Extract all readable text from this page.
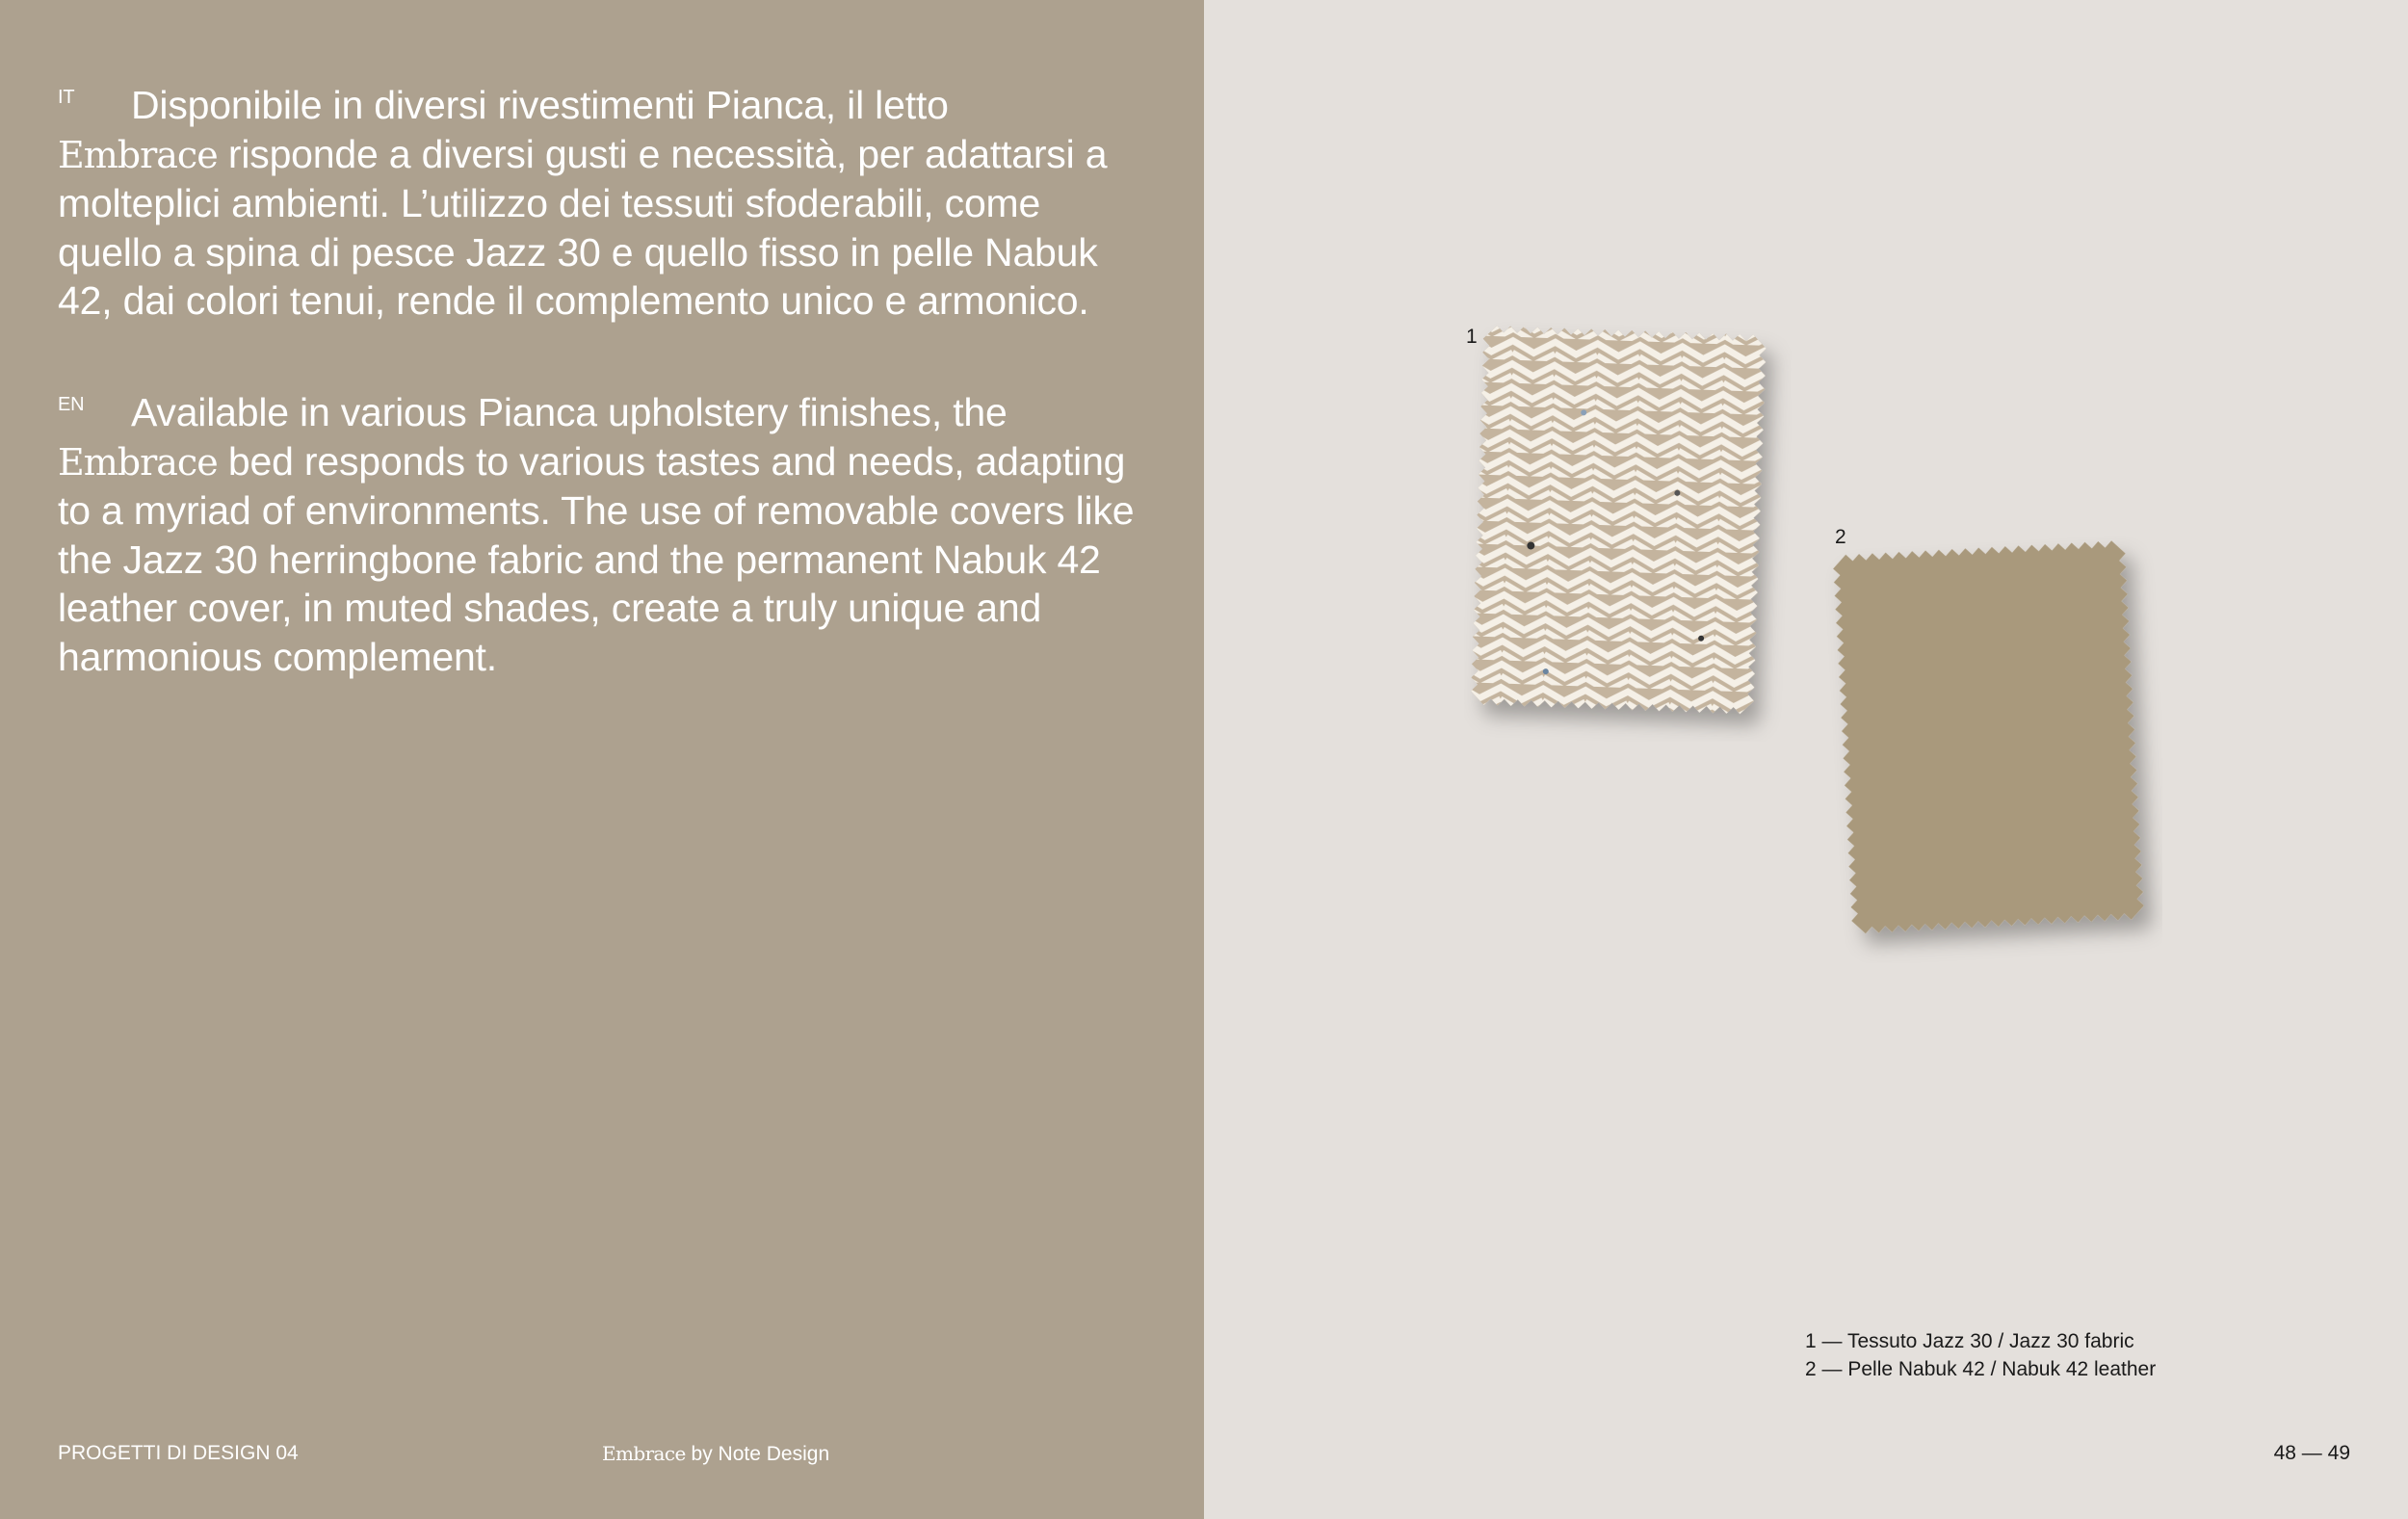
IT Disponibile in diversi rivestimenti Pianca, il letto
Embrace risponde a diversi gusti e necessità, per adattarsi a molteplici ambienti. L’utilizzo dei tessuti sfoderabili, come quello a spina di pesce Jazz 30 e quello fisso in pelle Nabuk 42, dai colori tenui, rende il complemento unico e armonico.
EN Available in various Pianca upholstery finishes, the Embrace bed responds to various tastes and needs, adapting to a myriad of environments. The use of removable covers like the Jazz 30 herringbone fabric and the permanent Nabuk 42 leather cover, in muted shades, create a truly unique and harmonious complement.
PROGETTI DI DESIGN 04	Embrace by Note Design
1
2
1 — Tessuto Jazz 30 / Jazz 30 fabric
2 — Pelle Nabuk 42 / Nabuk 42 leather
48 — 49
